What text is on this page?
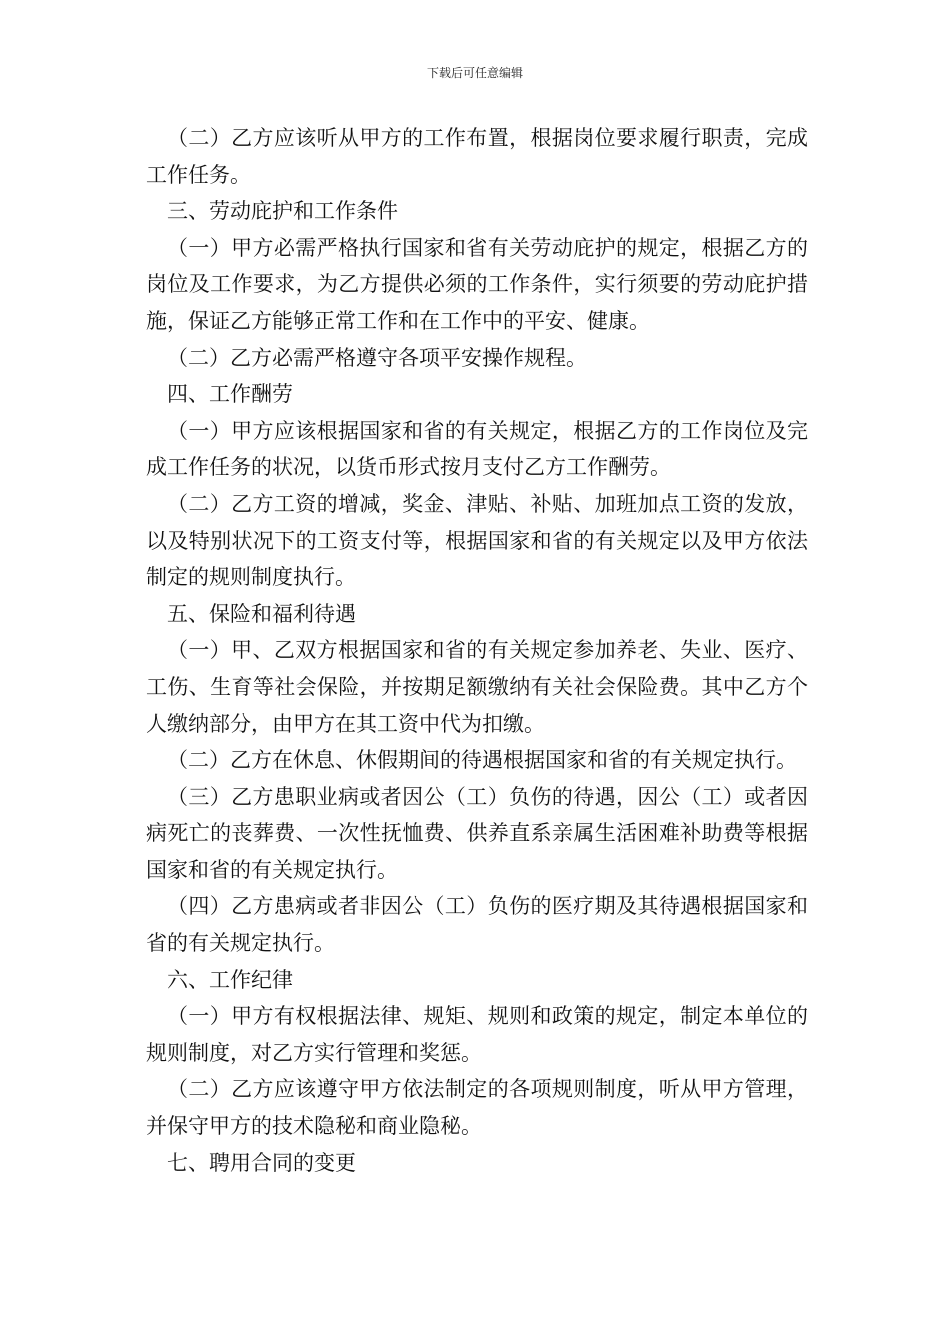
下载后可任意编辑

（二）乙方应该听从甲方的工作布置，根据岗位要求履行职责，完成工作任务。

三、劳动庇护和工作条件

（一）甲方必需严格执行国家和省有关劳动庇护的规定，根据乙方的岗位及工作要求，为乙方提供必须的工作条件，实行须要的劳动庇护措施，保证乙方能够正常工作和在工作中的平安、健康。

（二）乙方必需严格遵守各项平安操作规程。

四、工作酬劳

（一）甲方应该根据国家和省的有关规定，根据乙方的工作岗位及完成工作任务的状况，以货币形式按月支付乙方工作酬劳。

（二）乙方工资的增减，奖金、津贴、补贴、加班加点工资的发放，以及特别状况下的工资支付等，根据国家和省的有关规定以及甲方依法制定的规则制度执行。

五、保险和福利待遇

（一）甲、乙双方根据国家和省的有关规定参加养老、失业、医疗、工伤、生育等社会保险，并按期足额缴纳有关社会保险费。其中乙方个人缴纳部分，由甲方在其工资中代为扣缴。

（二）乙方在休息、休假期间的待遇根据国家和省的有关规定执行。

（三）乙方患职业病或者因公（工）负伤的待遇，因公（工）或者因病死亡的丧葬费、一次性抚恤费、供养直系亲属生活困难补助费等根据国家和省的有关规定执行。

（四）乙方患病或者非因公（工）负伤的医疗期及其待遇根据国家和省的有关规定执行。

六、工作纪律

（一）甲方有权根据法律、规矩、规则和政策的规定，制定本单位的规则制度，对乙方实行管理和奖惩。

（二）乙方应该遵守甲方依法制定的各项规则制度，听从甲方管理，并保守甲方的技术隐秘和商业隐秘。

七、聘用合同的变更
